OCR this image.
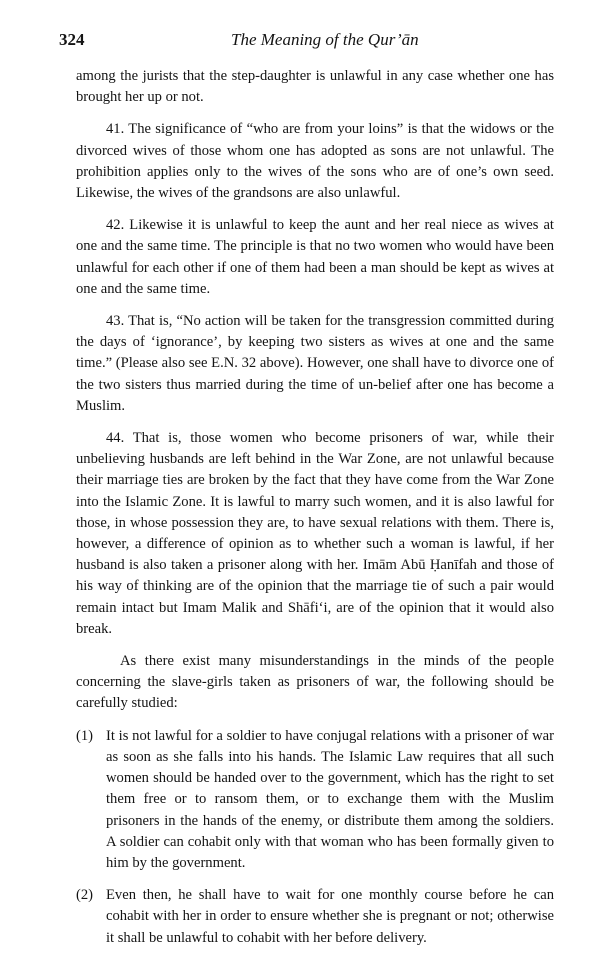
324	The Meaning of the Qur’ān

among the jurists that the step-daughter is unlawful in any case whether one has brought her up or not.

41. The significance of “who are from your loins” is that the widows or the divorced wives of those whom one has adopted as sons are not unlawful. The prohibition applies only to the wives of the sons who are of one’s own seed. Likewise, the wives of the grandsons are also unlawful.

42. Likewise it is unlawful to keep the aunt and her real niece as wives at one and the same time. The principle is that no two women who would have been unlawful for each other if one of them had been a man should be kept as wives at one and the same time.

43. That is, “No action will be taken for the transgression committed during the days of ‘ignorance’, by keeping two sisters as wives at one and the same time.” (Please also see E.N. 32 above). However, one shall have to divorce one of the two sisters thus married during the time of un-belief after one has become a Muslim.

44. That is, those women who become prisoners of war, while their unbelieving husbands are left behind in the War Zone, are not unlawful because their marriage ties are broken by the fact that they have come from the War Zone into the Islamic Zone. It is lawful to marry such women, and it is also lawful for those, in whose possession they are, to have sexual relations with them. There is, however, a difference of opinion as to whether such a woman is lawful, if her husband is also taken a prisoner along with her. Imām Abū Ḥanīfah and those of his way of thinking are of the opinion that the marriage tie of such a pair would remain intact but Imam Malik and Shāfi‘i, are of the opinion that it would also break.

As there exist many misunderstandings in the minds of the people concerning the slave-girls taken as prisoners of war, the following should be carefully studied:

(1) It is not lawful for a soldier to have conjugal relations with a prisoner of war as soon as she falls into his hands. The Islamic Law requires that all such women should be handed over to the government, which has the right to set them free or to ransom them, or to exchange them with the Muslim prisoners in the hands of the enemy, or distribute them among the soldiers. A soldier can cohabit only with that woman who has been formally given to him by the government.
(2) Even then, he shall have to wait for one monthly course before he can cohabit with her in order to ensure whether she is pregnant or not; otherwise it shall be unlawful to cohabit with her before delivery.
